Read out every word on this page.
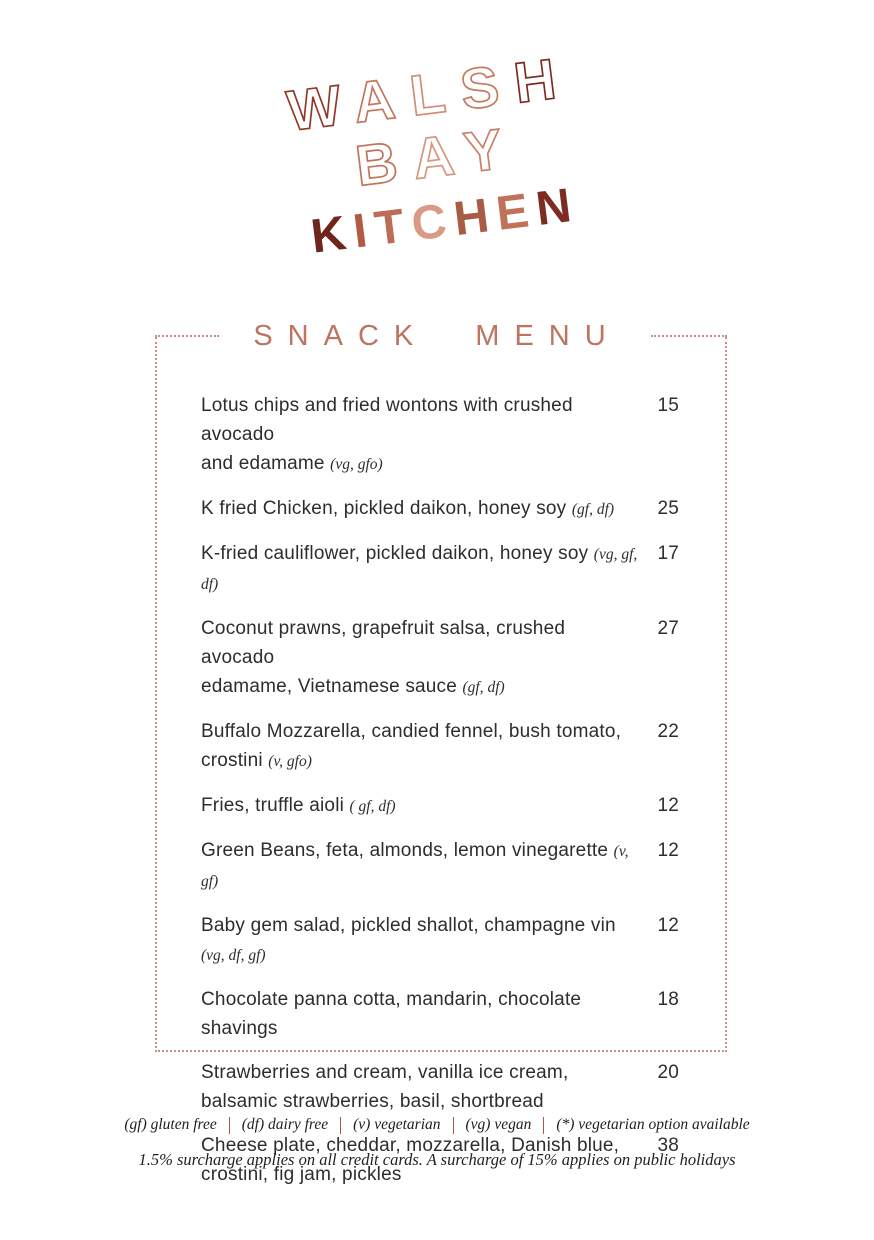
WALSH
BAY
KITCHEN
SNACK MENU
Lotus chips and fried wontons with crushed avocado
and edamame (vg, gfo)
15
K fried Chicken, pickled daikon, honey soy (gf, df)	25
K-fried cauliflower, pickled daikon, honey soy (vg, gf, df)
17
Coconut prawns, grapefruit salsa, crushed avocado
edamame, Vietnamese sauce (gf, df)
27
Buffalo Mozzarella, candied fennel, bush tomato,
crostini (v, gfo)
22
Fries, truffle aioli ( gf, df)	12
Green Beans, feta, almonds, lemon vinegarette (v, gf)
12
Baby gem salad, pickled shallot, champagne vin (vg, df, gf)
12
Chocolate panna cotta, mandarin, chocolate shavings
18
Strawberries and cream, vanilla ice cream,
balsamic strawberries, basil, shortbread
20
Cheese plate, cheddar, mozzarella, Danish blue,
crostini, fig jam, pickles
38
(gf) gluten free (df) dairy free (v) vegetarian (vg) vegan (*) vegetarian option available
1.5% surcharge applies on all credit cards. A surcharge of 15% applies on public holidays
